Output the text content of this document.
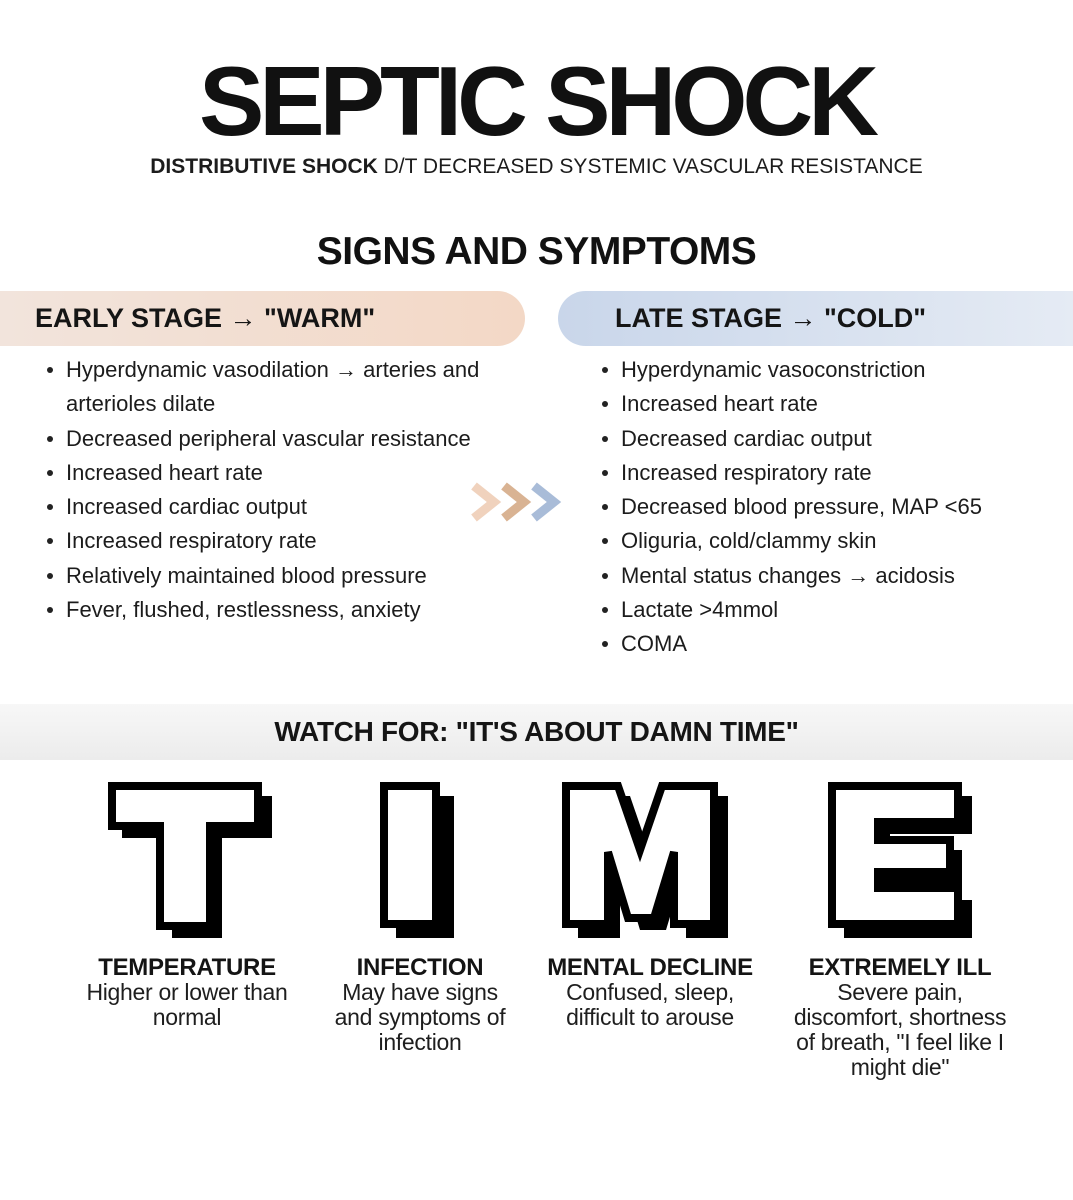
SEPTIC SHOCK
DISTRIBUTIVE SHOCK D/T DECREASED SYSTEMIC VASCULAR RESISTANCE
SIGNS AND SYMPTOMS
EARLY STAGE → "WARM"	LATE STAGE → "COLD"
Hyperdynamic vasodilation → arteries and arterioles dilate
Decreased peripheral vascular resistance
Increased heart rate
Increased cardiac output
Increased respiratory rate
Relatively maintained blood pressure
Fever, flushed, restlessness, anxiety
Hyperdynamic vasoconstriction
Increased heart rate
Decreased cardiac output
Increased respiratory rate
Decreased blood pressure, MAP <65
Oliguria, cold/clammy skin
Mental status changes → acidosis
Lactate >4mmol
COMA
WATCH FOR: "IT'S ABOUT DAMN TIME"
TEMPERATURE
Higher or lower than normal
INFECTION
May have signs and symptoms of infection
MENTAL DECLINE
Confused, sleep, difficult to arouse
EXTREMELY ILL
Severe pain, discomfort, shortness of breath, "I feel like I might die"
